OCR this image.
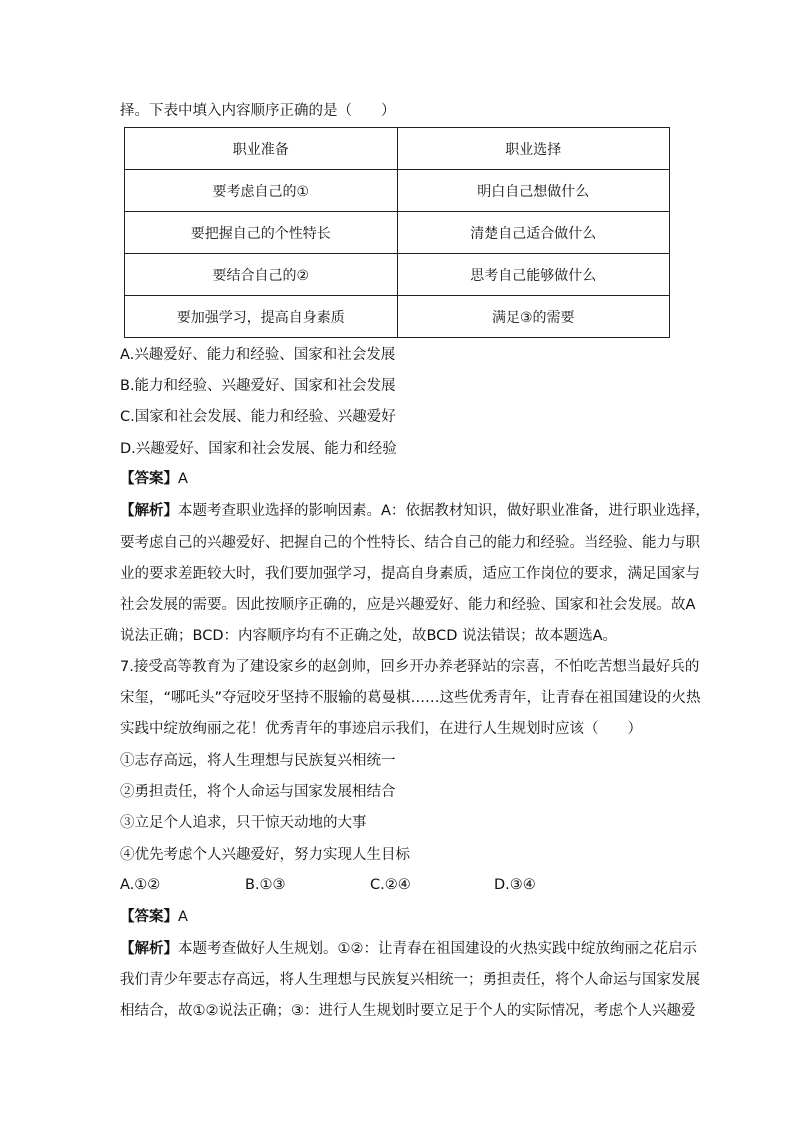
择。下表中填入内容顺序正确的是（　　）
职业准备	职业选择
要考虑自己的①	明白自己想做什么
要把握自己的个性特长	清楚自己适合做什么
要结合自己的②	思考自己能够做什么
要加强学习，提高自身素质	满足③的需要
A.兴趣爱好、能力和经验、国家和社会发展
B.能力和经验、兴趣爱好、国家和社会发展
C.国家和社会发展、能力和经验、兴趣爱好
D.兴趣爱好、国家和社会发展、能力和经验
【答案】A
【解析】本题考查职业选择的影响因素。A：依据教材知识，做好职业准备，进行职业选择，
要考虑自己的兴趣爱好、把握自己的个性特长、结合自己的能力和经验。当经验、能力与职
业的要求差距较大时，我们要加强学习，提高自身素质，适应工作岗位的要求，满足国家与
社会发展的需要。因此按顺序正确的，应是兴趣爱好、能力和经验、国家和社会发展。故A
说法正确；BCD：内容顺序均有不正确之处，故BCD 说法错误；故本题选A。
7.接受高等教育为了建设家乡的赵剑帅，回乡开办养老驿站的宗喜，不怕吃苦想当最好兵的
宋玺，“哪吒头”夺冠咬牙坚持不服输的葛曼棋……这些优秀青年，让青春在祖国建设的火热
实践中绽放绚丽之花！优秀青年的事迹启示我们，在进行人生规划时应该（　　）
①志存高远，将人生理想与民族复兴相统一
②勇担责任，将个人命运与国家发展相结合
③立足个人追求，只干惊天动地的大事
④优先考虑个人兴趣爱好，努力实现人生目标
A.①②	B.①③	C.②④	D.③④
【答案】A
【解析】本题考查做好人生规划。①②：让青春在祖国建设的火热实践中绽放绚丽之花启示
我们青少年要志存高远，将人生理想与民族复兴相统一；勇担责任，将个人命运与国家发展
相结合，故①②说法正确；③：进行人生规划时要立足于个人的实际情况，考虑个人兴趣爱
